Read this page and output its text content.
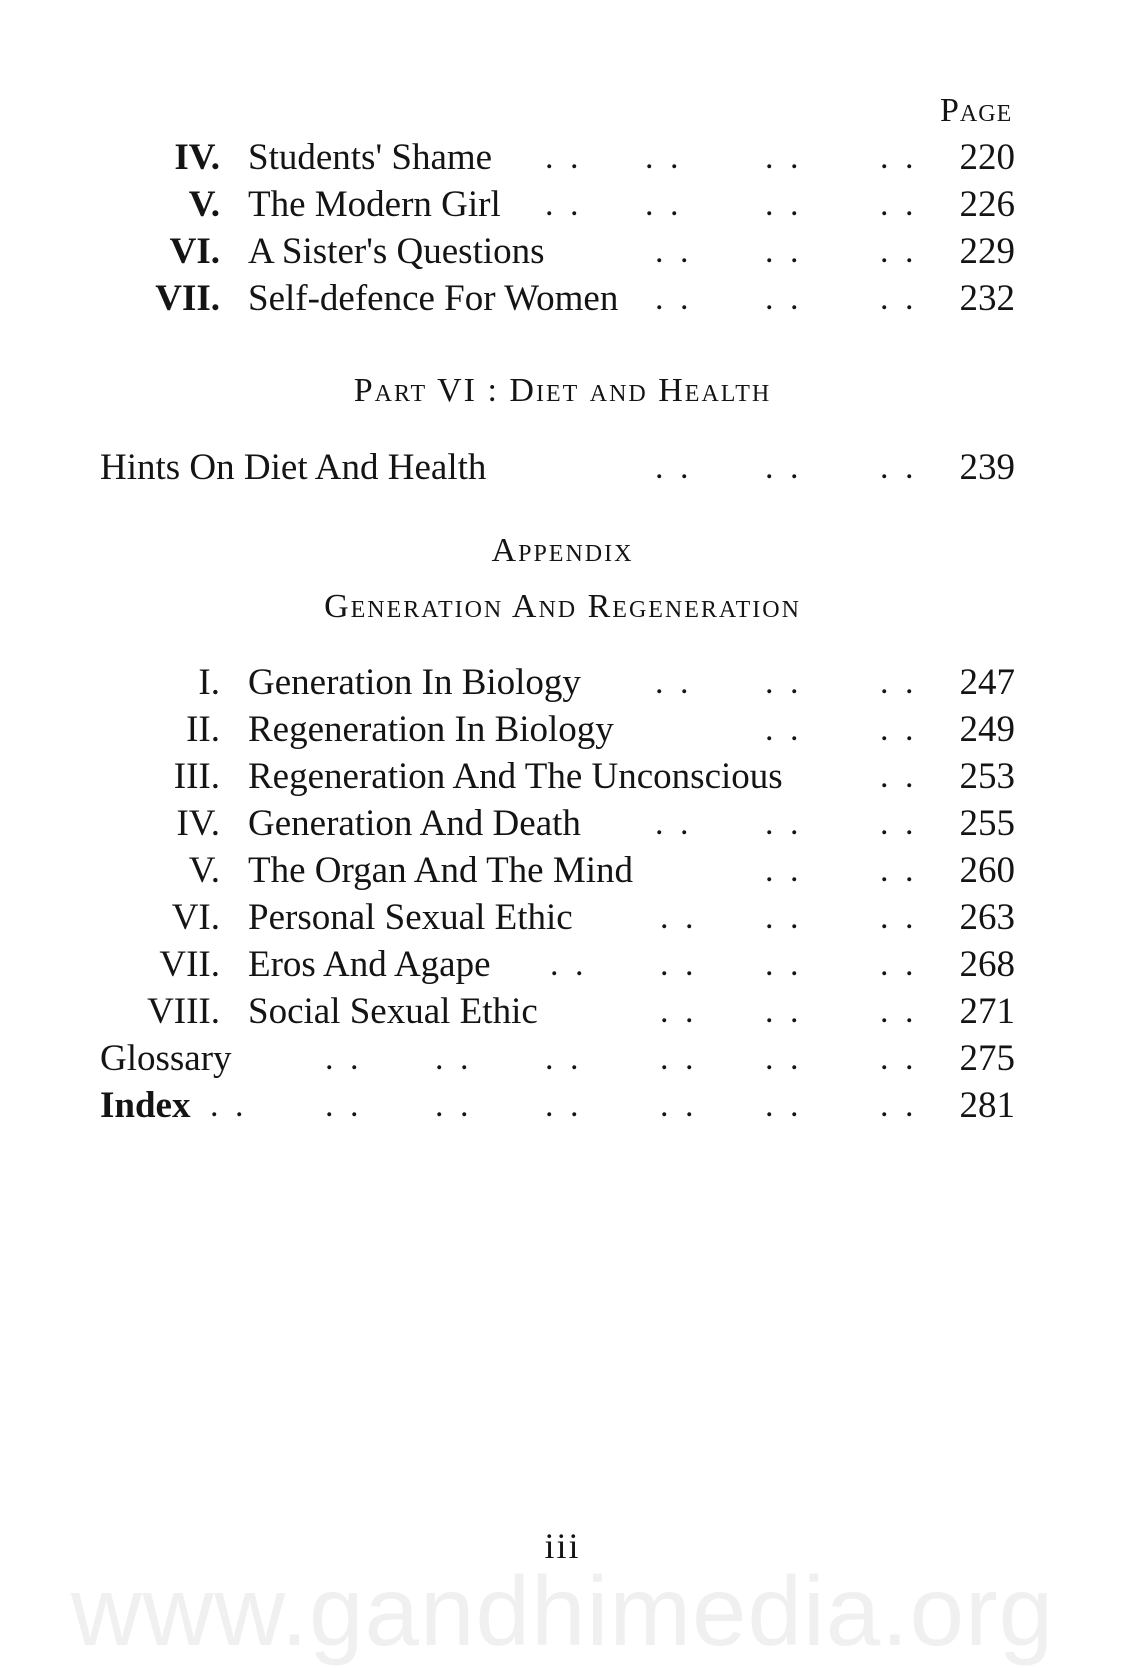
Page
IV. Students' Shame . . . . . . . .	220
V. The Modern Girl . . . . . . . .	226
VI. A Sister's Questions	. . . . . .	229
VII. Self-defence For Women . . . . . .	232
Part VI : Diet and Health
Hints On Diet And Health	. . . . . .	239
Appendix
Generation And Regeneration
I. Generation In Biology . . . . . .	247
II. Regeneration In Biology	. . . .	249
III. Regeneration And The Unconscious	. .	253
IV. Generation And Death . . . . . .	255
V. The Organ And The Mind	. . . .	260
VI. Personal Sexual Ethic	. . . . . .	263
VII. Eros And Agape . . . . . . . .	268
VIII. Social Sexual Ethic	. . . . . .	271
Glossary	. . . . . . . . . . . .	275
Index . . . . . . . . . . . . . .	281
iii
www.gandhimedia.org
